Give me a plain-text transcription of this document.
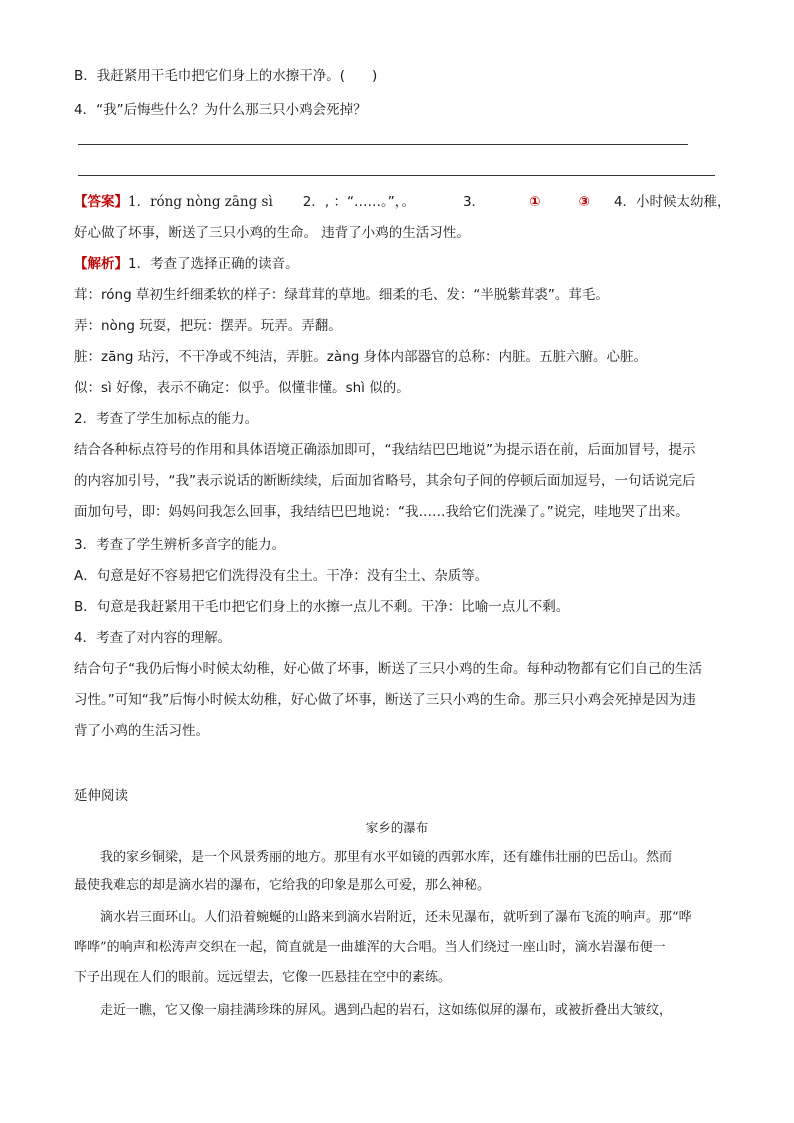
B．我赶紧用干毛巾把它们身上的水擦干净。(　　)
4．“我”后悔些什么？为什么那三只小鸡会死掉？
【答案】1．róng nòng zāng sì 2．, ：“……。”，。	3．	①	③ 4．小时候太幼稚，
好心做了坏事，断送了三只小鸡的生命。 违背了小鸡的生活习性。
【解析】1．考查了选择正确的读音。
茸：róng 草初生纤细柔软的样子：绿茸茸的草地。细柔的毛、发：“半脱紫茸裘”。茸毛。
弄：nòng 玩耍，把玩：摆弄。玩弄。弄翻。
脏：zāng 玷污，不干净或不纯洁，弄脏。zàng 身体内部器官的总称：内脏。五脏六腑。心脏。
似：sì 好像，表示不确定：似乎。似懂非懂。shì 似的。
2．考查了学生加标点的能力。
结合各种标点符号的作用和具体语境正确添加即可，“我结结巴巴地说”为提示语在前，后面加冒号，提示
的内容加引号，“我”表示说话的断断续续，后面加省略号，其余句子间的停顿后面加逗号，一句话说完后
面加句号，即：妈妈问我怎么回事，我结结巴巴地说：“我……我给它们洗澡了。”说完，哇地哭了出来。
3．考查了学生辨析多音字的能力。
A．句意是好不容易把它们洗得没有尘土。干净：没有尘土、杂质等。
B．句意是我赶紧用干毛巾把它们身上的水擦一点儿不剩。干净：比喻一点儿不剩。
4．考查了对内容的理解。
结合句子“我仍后悔小时候太幼稚，好心做了坏事，断送了三只小鸡的生命。每种动物都有它们自己的生活
习性。”可知“我”后悔小时候太幼稚，好心做了坏事，断送了三只小鸡的生命。那三只小鸡会死掉是因为违
背了小鸡的生活习性。
延伸阅读
家乡的瀑布
　　我的家乡铜梁，是一个风景秀丽的地方。那里有水平如镜的西郭水库，还有雄伟壮丽的巴岳山。然而
最使我难忘的却是滴水岩的瀑布，它给我的印象是那么可爱，那么神秘。
　　滴水岩三面环山。人们沿着蜿蜒的山路来到滴水岩附近，还未见瀑布，就听到了瀑布飞流的响声。那“哗
哗哗”的响声和松涛声交织在一起，简直就是一曲雄浑的大合唱。当人们绕过一座山时，滴水岩瀑布便一
下子出现在人们的眼前。远远望去，它像一匹悬挂在空中的素练。
　　走近一瞧，它又像一扇挂满珍珠的屏风。遇到凸起的岩石，这如练似屏的瀑布，或被折叠出大皱纹，
